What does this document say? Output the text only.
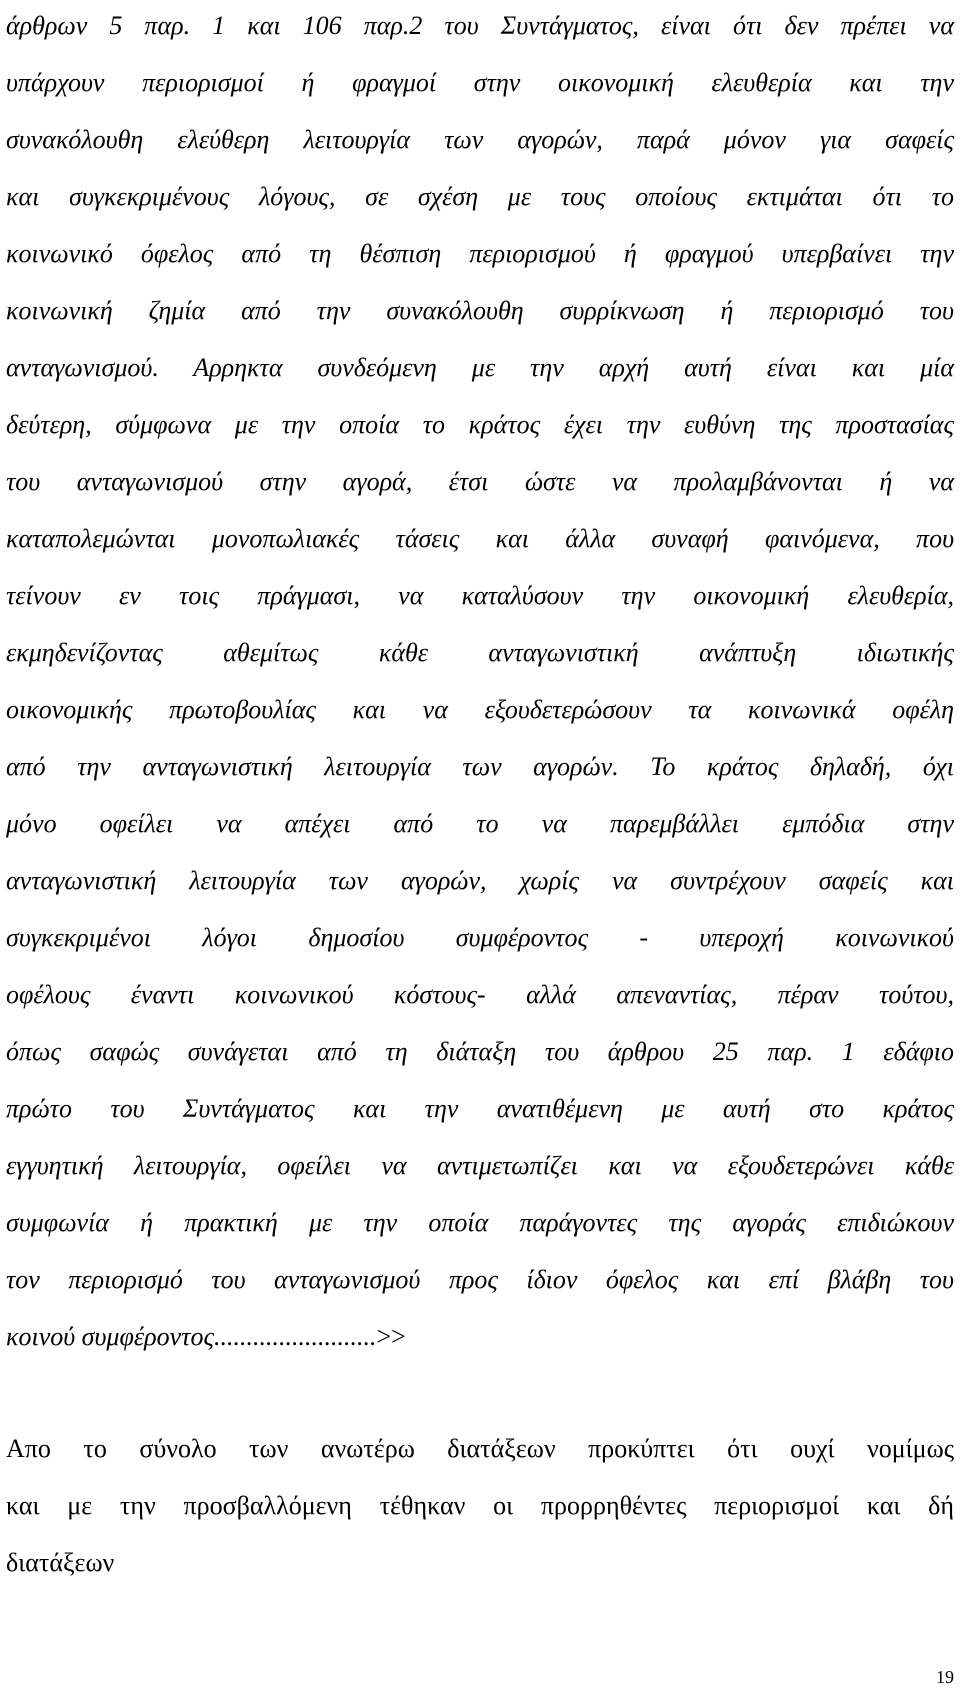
άρθρων 5 παρ. 1 και 106 παρ.2 του Συντάγματος, είναι ότι δεν πρέπει να
υπάρχουν περιορισμοί ή φραγμοί στην οικονομική ελευθερία και την
συνακόλουθη ελεύθερη λειτουργία των αγορών, παρά μόνον για σαφείς
και συγκεκριμένους λόγους, σε σχέση με τους οποίους εκτιμάται ότι το
κοινωνικό όφελος από τη θέσπιση περιορισμού ή φραγμού υπερβαίνει την
κοινωνική ζημία από την συνακόλουθη συρρίκνωση ή περιορισμό του
ανταγωνισμού. Αρρηκτα συνδεόμενη με την αρχή αυτή είναι και μία
δεύτερη, σύμφωνα με την οποία το κράτος έχει την ευθύνη της προστασίας
του ανταγωνισμού στην αγορά, έτσι ώστε να προλαμβάνονται ή να
καταπολεμώνται μονοπωλιακές τάσεις και άλλα συναφή φαινόμενα, που
τείνουν εν τοις πράγμασι, να καταλύσουν την οικονομική ελευθερία,
εκμηδενίζοντας αθεμίτως κάθε ανταγωνιστική ανάπτυξη ιδιωτικής
οικονομικής πρωτοβουλίας και να εξουδετερώσουν τα κοινωνικά οφέλη
από την ανταγωνιστική λειτουργία των αγορών. Το κράτος δηλαδή, όχι
μόνο οφείλει να απέχει από το να παρεμβάλλει εμπόδια στην
ανταγωνιστική λειτουργία των αγορών, χωρίς να συντρέχουν σαφείς και
συγκεκριμένοι λόγοι δημοσίου συμφέροντος - υπεροχή κοινωνικού
οφέλους έναντι κοινωνικού κόστους- αλλά απεναντίας, πέραν τούτου,
όπως σαφώς συνάγεται από τη διάταξη του άρθρου 25 παρ. 1 εδάφιο
πρώτο του Συντάγματος και την ανατιθέμενη με αυτή στο κράτος
εγγυητική λειτουργία, οφείλει να αντιμετωπίζει και να εξουδετερώνει κάθε
συμφωνία ή πρακτική με την οποία παράγοντες της αγοράς επιδιώκουν
τον περιορισμό του ανταγωνισμού προς ίδιον όφελος και επί βλάβη του
κοινού συμφέροντος.........................>>
Απο το σύνολο των ανωτέρω διατάξεων προκύπτει ότι ουχί νομίμως
και με την προσβαλλόμενη τέθηκαν οι προρρηθέντες περιορισμοί και δή
διατάξεων
19
